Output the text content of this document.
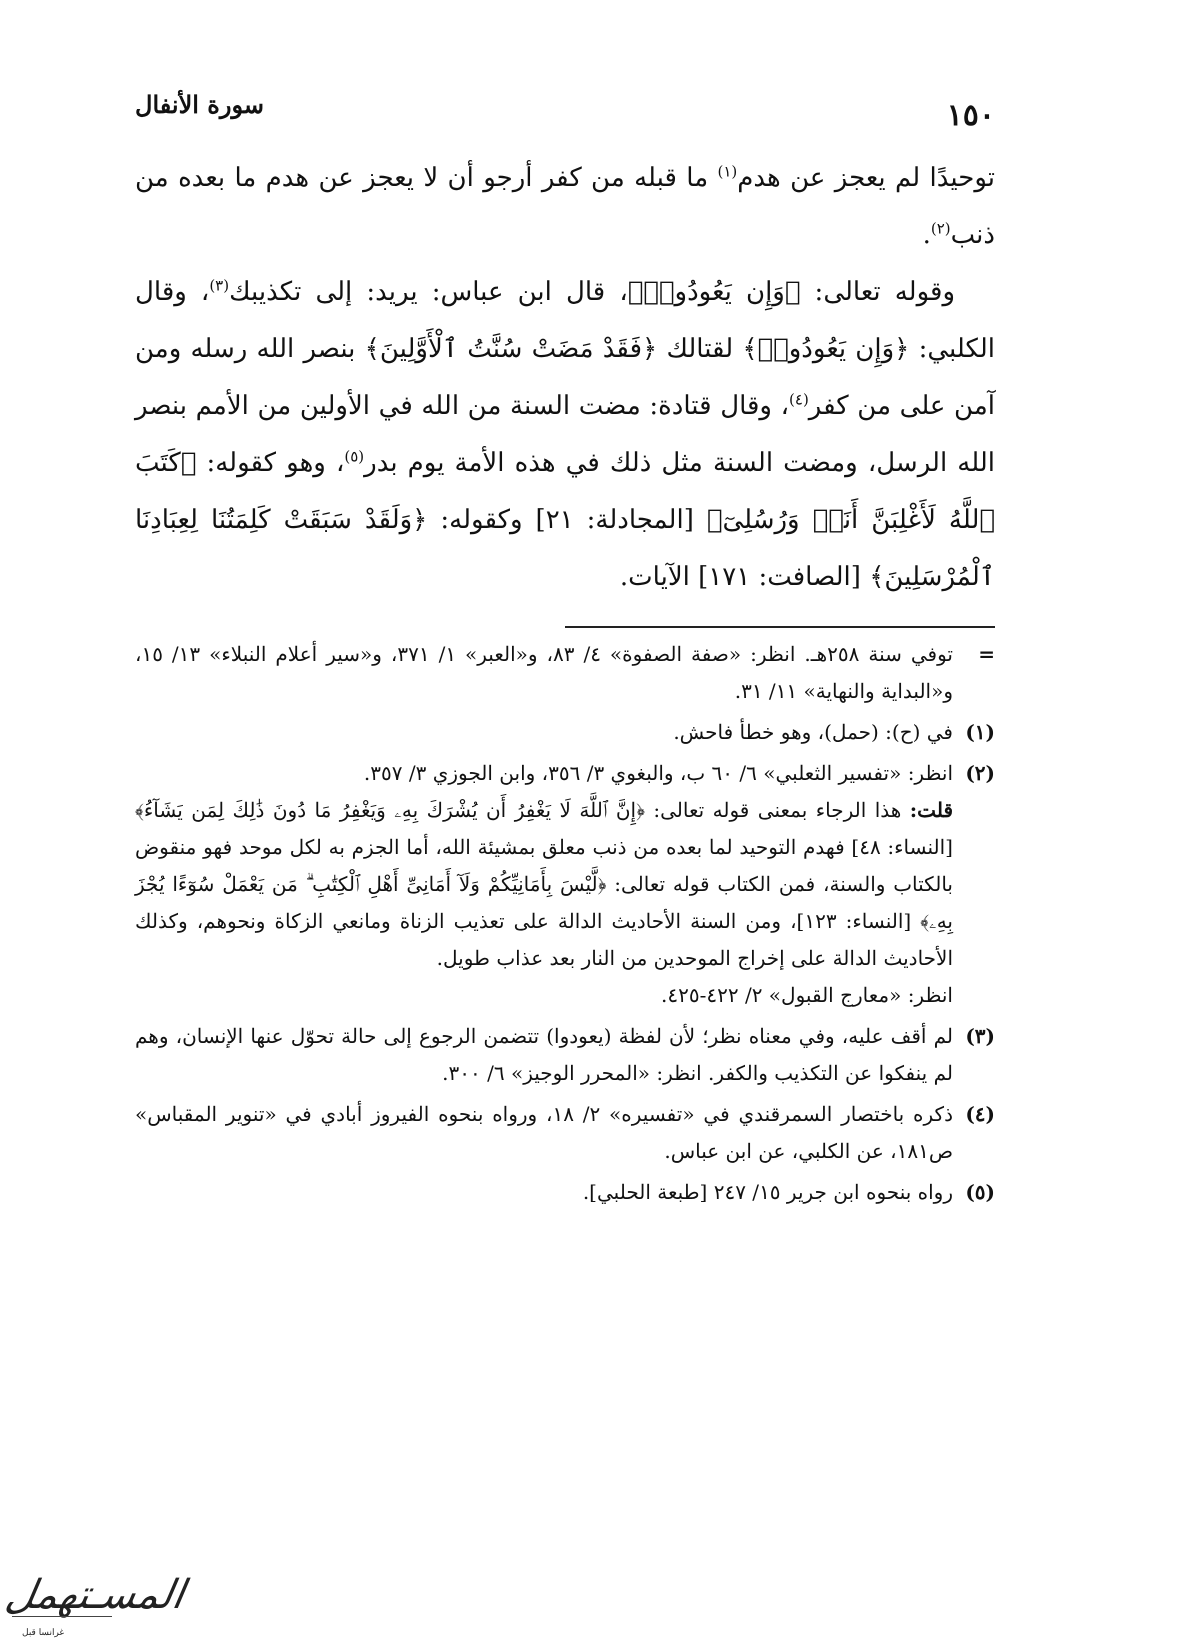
١٥٠
سورة الأنفال

توحيدًا لم يعجز عن هدم$^{(١)}$ ما قبله من كفر أرجو أن لا يعجز عن هدم ما بعده من ذنب$^{(٢)}$.

وقوله تعالى: ﴿وَإِن يَعُودُوا۟﴾، قال ابن عباس: يريد: إلى تكذيبك$^{(٣)}$، وقال الكلبي: ﴿وَإِن يَعُودُوا۟﴾ لقتالك ﴿فَقَدْ مَضَتْ سُنَّتُ ٱلْأَوَّلِينَ﴾ بنصر الله رسله ومن آمن على من كفر$^{(٤)}$، وقال قتادة: مضت السنة من الله في الأولين من الأمم بنصر الله الرسل، ومضت السنة مثل ذلك في هذه الأمة يوم بدر$^{(٥)}$، وهو كقوله: ﴿كَتَبَ ٱللَّهُ لَأَغْلِبَنَّ أَنَا۠ وَرُسُلِىٓ﴾ [المجادلة: ٢١] وكقوله: ﴿وَلَقَدْ سَبَقَتْ كَلِمَتُنَا لِعِبَادِنَا ٱلْمُرْسَلِينَ﴾ [الصافت: ١٧١] الآيات.

=
توفي سنة ٢٥٨هـ. انظر: «صفة الصفوة» ٤/ ٨٣، و«العبر» ١/ ٣٧١، و«سير أعلام النبلاء» ١٣/ ١٥، و«البداية والنهاية» ١١/ ٣١.
(١)
في (ح): (حمل)، وهو خطأ فاحش.
(٢)
انظر: «تفسير الثعلبي» ٦/ ٦٠ ب، والبغوي ٣/ ٣٥٦، وابن الجوزي ٣/ ٣٥٧.
قلت: هذا الرجاء بمعنى قوله تعالى: ﴿إِنَّ ٱللَّهَ لَا يَغْفِرُ أَن يُشْرَكَ بِهِۦ وَيَغْفِرُ مَا دُونَ ذَٰلِكَ لِمَن يَشَآءُ﴾ [النساء: ٤٨] فهدم التوحيد لما بعده من ذنب معلق بمشيئة الله، أما الجزم به لكل موحد فهو منقوض بالكتاب والسنة، فمن الكتاب قوله تعالى: ﴿لَّيْسَ بِأَمَانِيِّكُمْ وَلَآ أَمَانِىِّ أَهْلِ ٱلْكِتَٰبِ ۗ مَن يَعْمَلْ سُوٓءًا يُجْزَ بِهِۦ﴾ [النساء: ١٢٣]، ومن السنة الأحاديث الدالة على تعذيب الزناة ومانعي الزكاة ونحوهم، وكذلك الأحاديث الدالة على إخراج الموحدين من النار بعد عذاب طويل.
انظر: «معارج القبول» ٢/ ٤٢٢-٤٢٥.
(٣)
لم أقف عليه، وفي معناه نظر؛ لأن لفظة (يعودوا) تتضمن الرجوع إلى حالة تحوّل عنها الإنسان، وهم لم ينفكوا عن التكذيب والكفر. انظر: «المحرر الوجيز» ٦/ ٣٠٠.
(٤)
ذكره باختصار السمرقندي في «تفسيره» ٢/ ١٨، ورواه بنحوه الفيروز أبادي في «تنوير المقباس» ص١٨١، عن الكلبي، عن ابن عباس.
(٥)
رواه بنحوه ابن جرير ١٥/ ٢٤٧ [طبعة الحلبي].
المسـتهمل
غرانسا قبل
